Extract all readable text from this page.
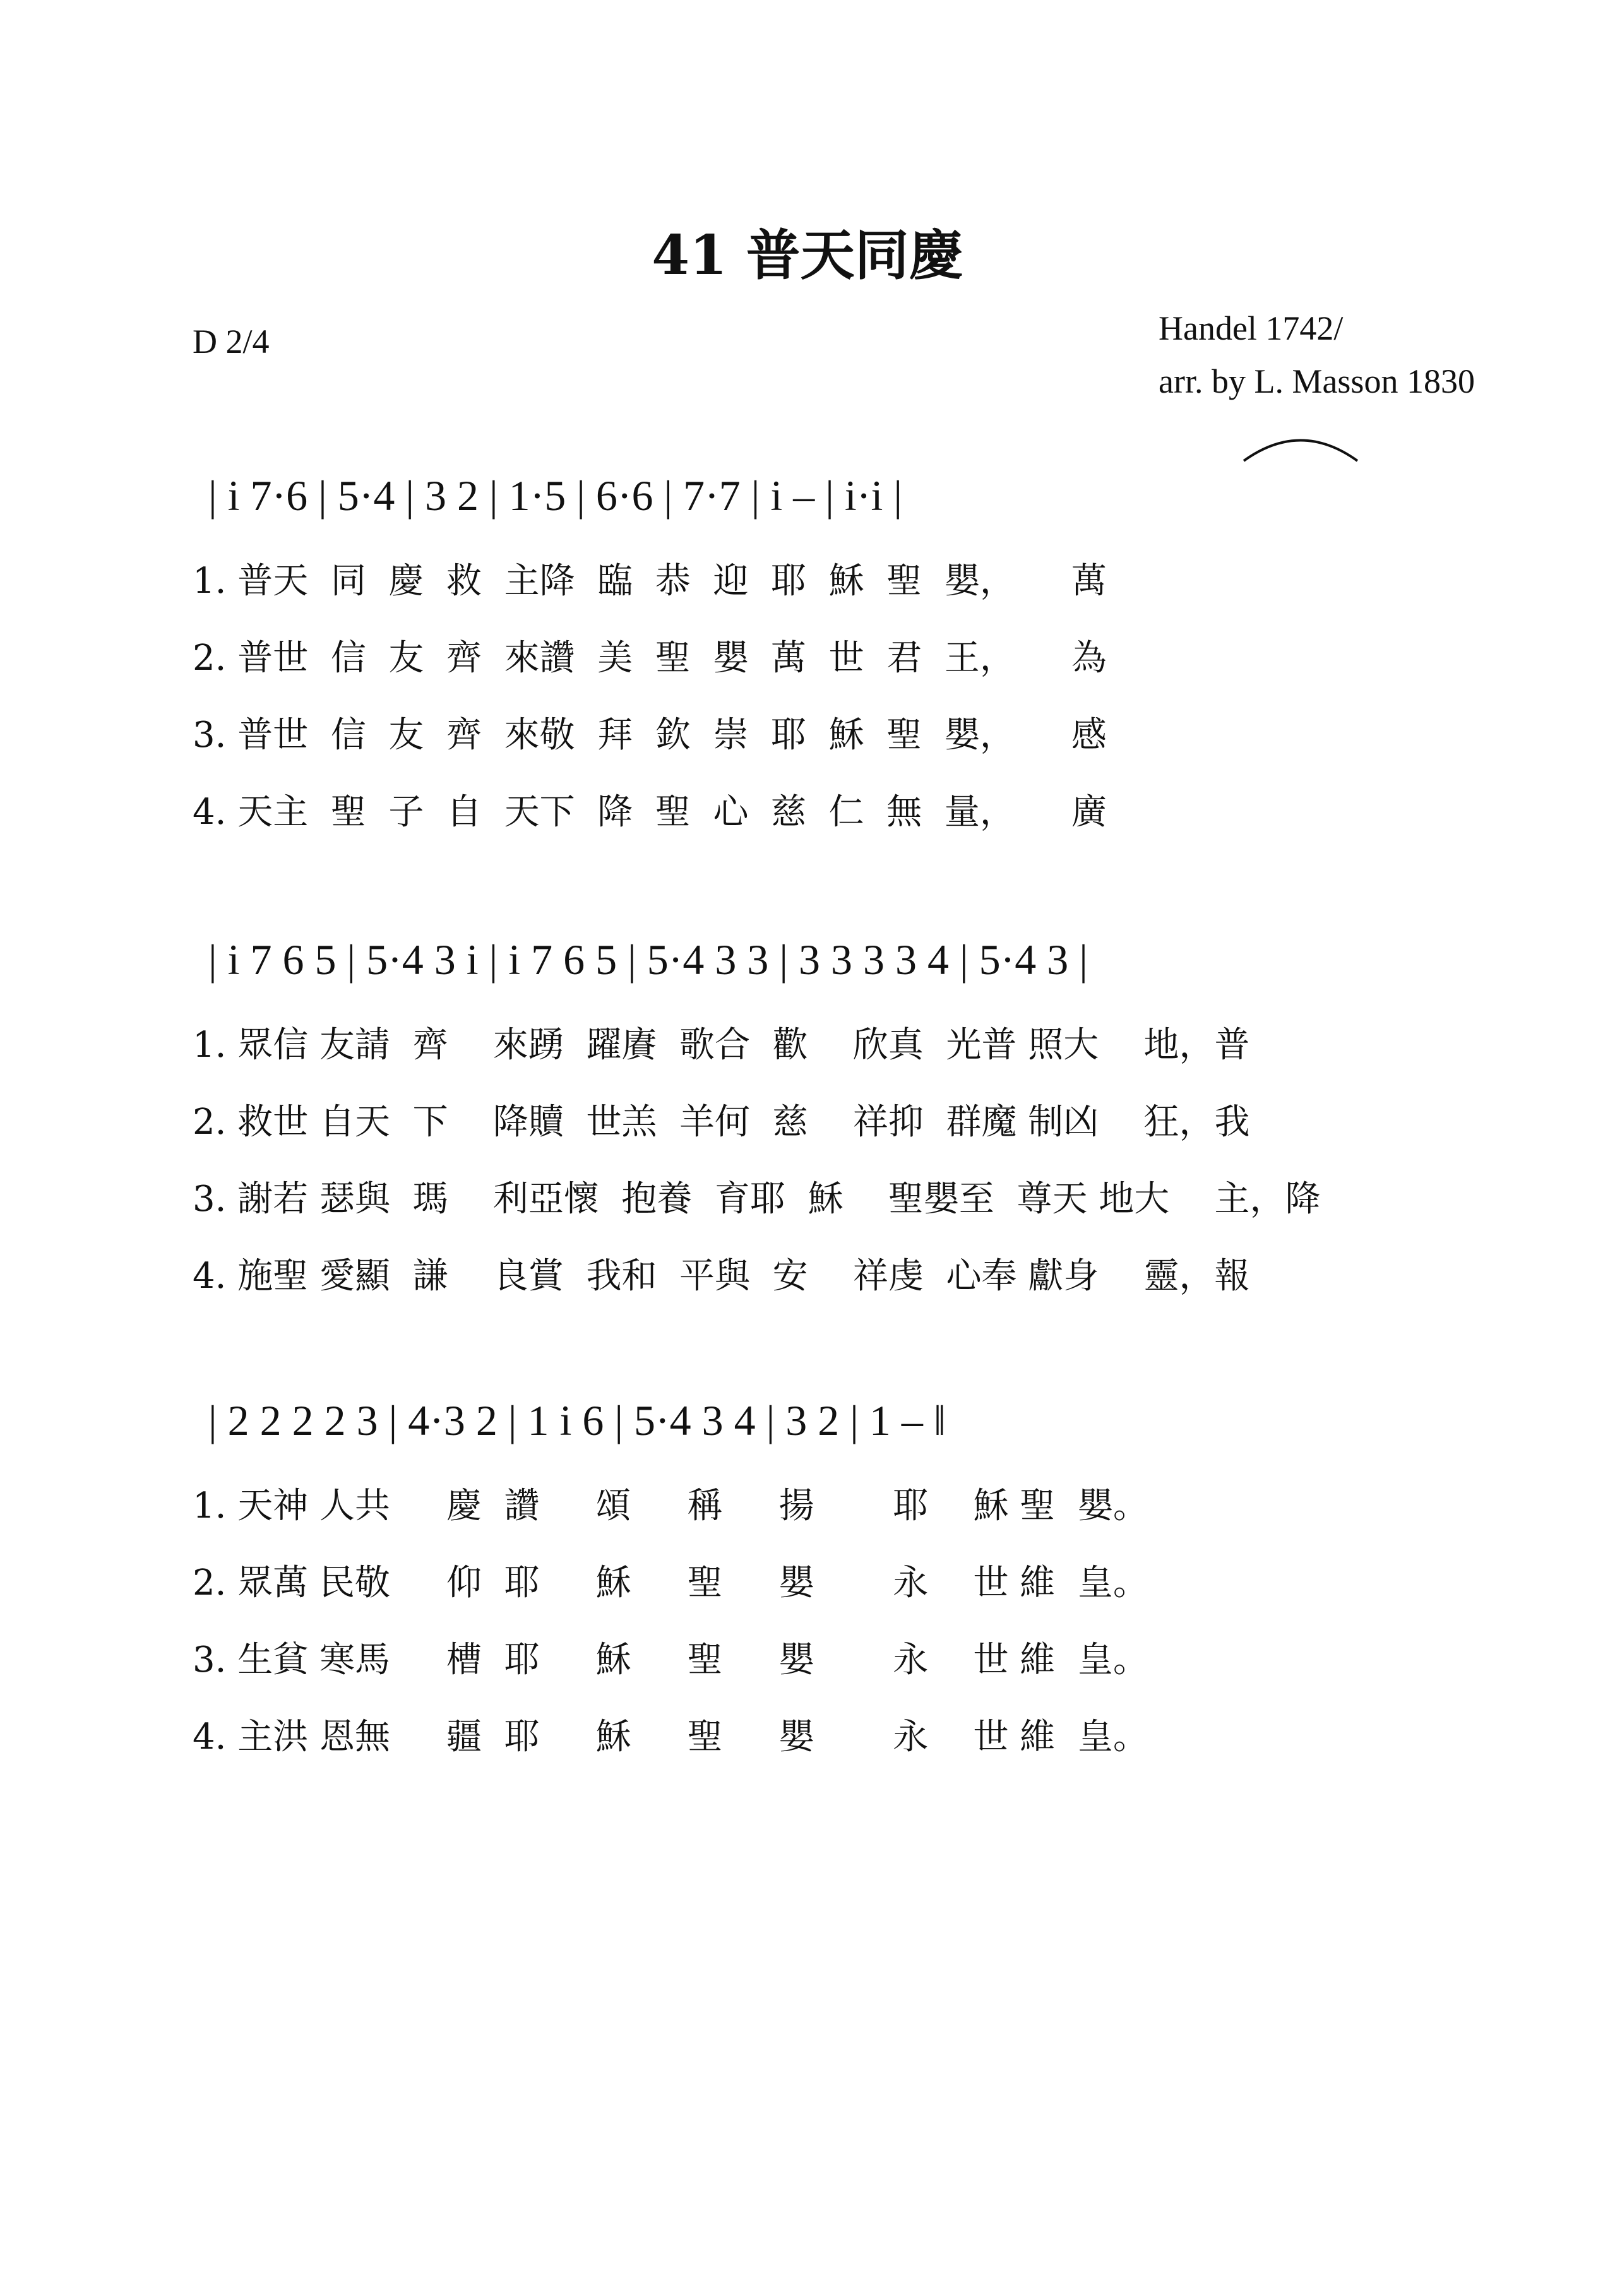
41 普天同慶
D 2/4	Handel 1742/
arr. by L. Masson 1830
| i 7·6 | 5·4 | 3 2 | 1·5 | 6·6 | 7·7 | i – | i·i |
1. 普天  同  慶  救  主降  臨  恭  迎  耶  穌  聖  嬰，     萬
2. 普世  信  友  齊  來讚  美  聖  嬰  萬  世  君  王，     為
3. 普世  信  友  齊  來敬  拜  欽  崇  耶  穌  聖  嬰，     感
4. 天主  聖  子  自  天下  降  聖  心  慈  仁  無  量，     廣
| i 7 6 5 | 5·4 3 i | i 7 6 5 | 5·4 3 3 | 3 3 3 3 4 | 5·4 3 |
1. 眾信 友請  齊    來踴  躍賡  歌合  歡    欣真  光普 照大    地，普
2. 救世 自天  下    降贖  世羔  羊何  慈    祥抑  群魔 制凶    狂，我
3. 謝若 瑟與  瑪    利亞懷  抱養  育耶  穌    聖嬰至  尊天 地大    主，降
4. 施聖 愛顯  謙    良賞  我和  平與  安    祥虔  心奉 獻身    靈，報
| 2 2 2 2 3 | 4·3 2 | 1 i 6 | 5·4 3 4 | 3 2 | 1 – ‖
1. 天神 人共     慶  讚     頌     稱     揚       耶    穌 聖  嬰。
2. 眾萬 民敬     仰  耶     穌     聖     嬰       永    世 維  皇。
3. 生貧 寒馬     槽  耶     穌     聖     嬰       永    世 維  皇。
4. 主洪 恩無     疆  耶     穌     聖     嬰       永    世 維  皇。
